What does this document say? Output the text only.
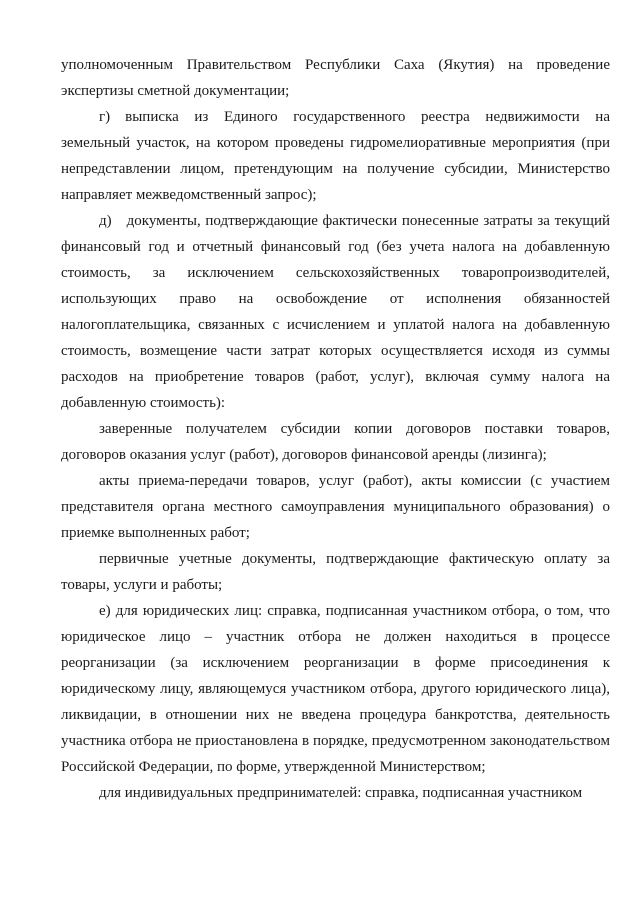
уполномоченным Правительством Республики Саха (Якутия) на проведение экспертизы сметной документации;

г) выписка из Единого государственного реестра недвижимости на земельный участок, на котором проведены гидромелиоративные мероприятия (при непредставлении лицом, претендующим на получение субсидии, Министерство направляет межведомственный запрос);

д) документы, подтверждающие фактически понесенные затраты за текущий финансовый год и отчетный финансовый год (без учета налога на добавленную стоимость, за исключением сельскохозяйственных товаропроизводителей, использующих право на освобождение от исполнения обязанностей налогоплательщика, связанных с исчислением и уплатой налога на добавленную стоимость, возмещение части затрат которых осуществляется исходя из суммы расходов на приобретение товаров (работ, услуг), включая сумму налога на добавленную стоимость):

заверенные получателем субсидии копии договоров поставки товаров, договоров оказания услуг (работ), договоров финансовой аренды (лизинга);

акты приема-передачи товаров, услуг (работ), акты комиссии (с участием представителя органа местного самоуправления муниципального образования) о приемке выполненных работ;

первичные учетные документы, подтверждающие фактическую оплату за товары, услуги и работы;

е) для юридических лиц: справка, подписанная участником отбора, о том, что юридическое лицо – участник отбора не должен находиться в процессе реорганизации (за исключением реорганизации в форме присоединения к юридическому лицу, являющемуся участником отбора, другого юридического лица), ликвидации, в отношении них не введена процедура банкротства, деятельность участника отбора не приостановлена в порядке, предусмотренном законодательством Российской Федерации, по форме, утвержденной Министерством;

для индивидуальных предпринимателей: справка, подписанная участником
